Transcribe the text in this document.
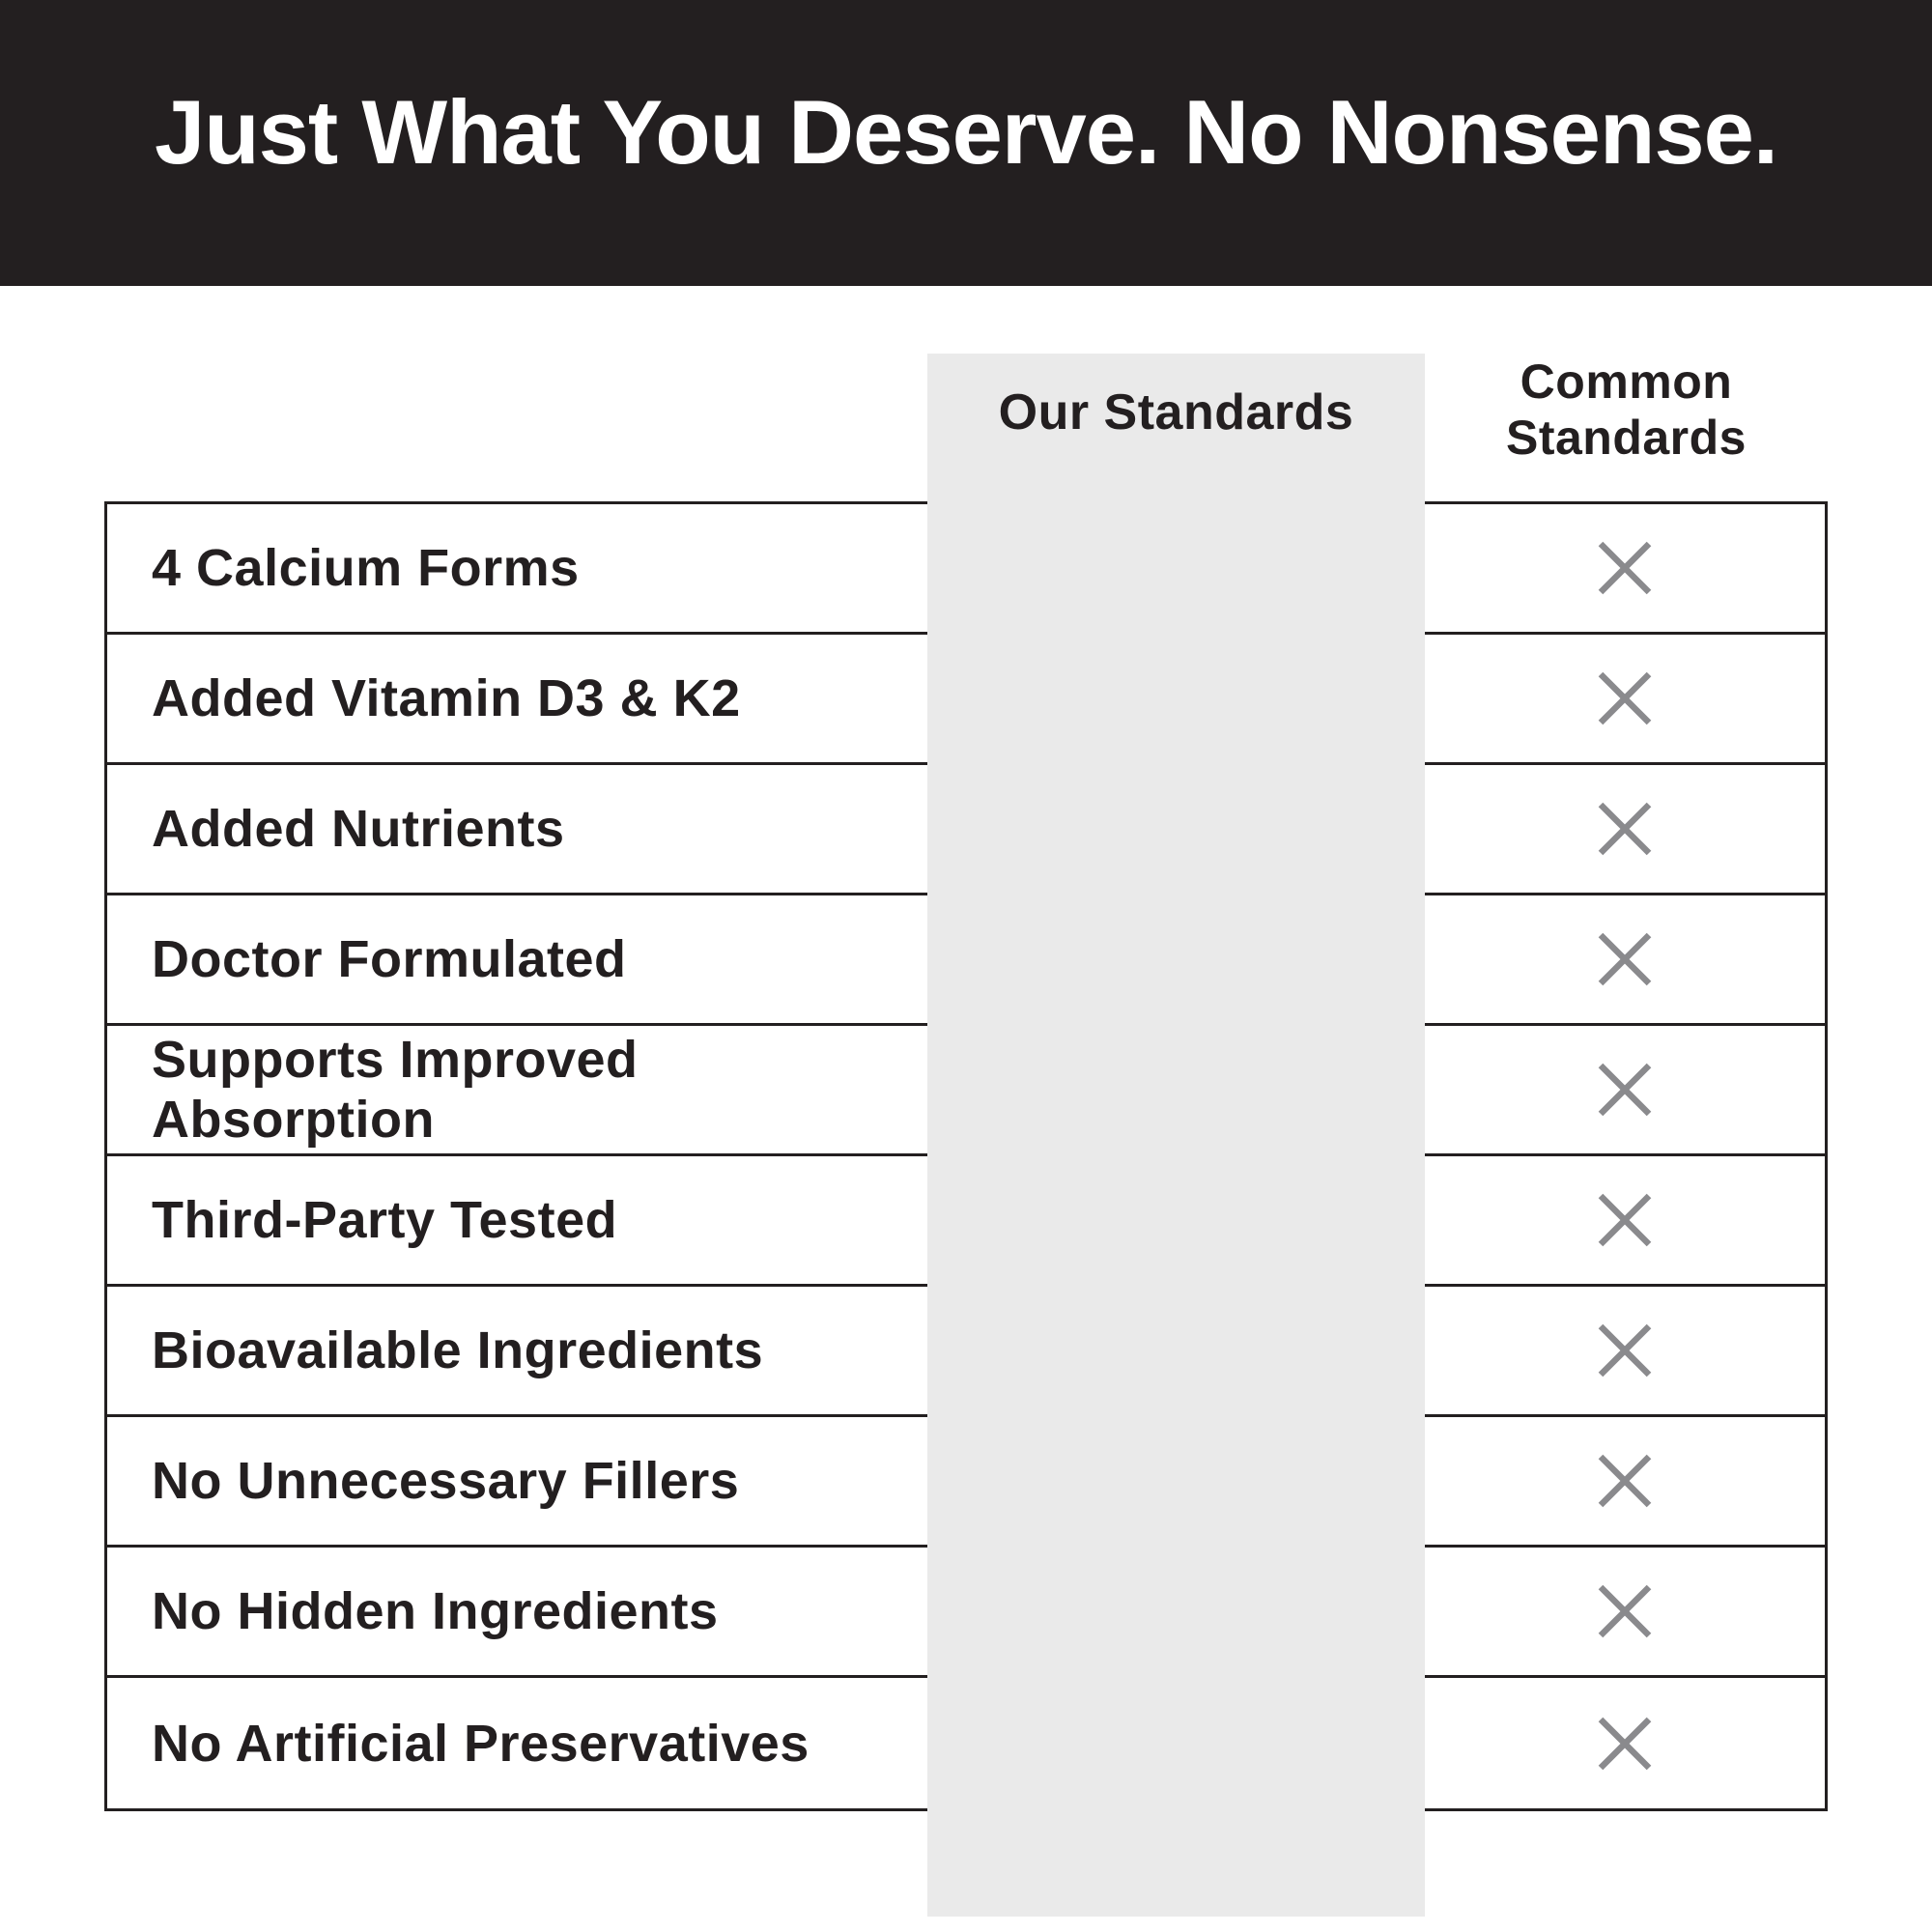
Just What You Deserve. No Nonsense.
Our Standards
Common Standards
4 Calcium Forms
Added Vitamin D3 & K2
Added Nutrients
Doctor Formulated
Supports Improved Absorption
Third-Party Tested
Bioavailable Ingredients
No Unnecessary Fillers
No Hidden Ingredients
No Artificial Preservatives
